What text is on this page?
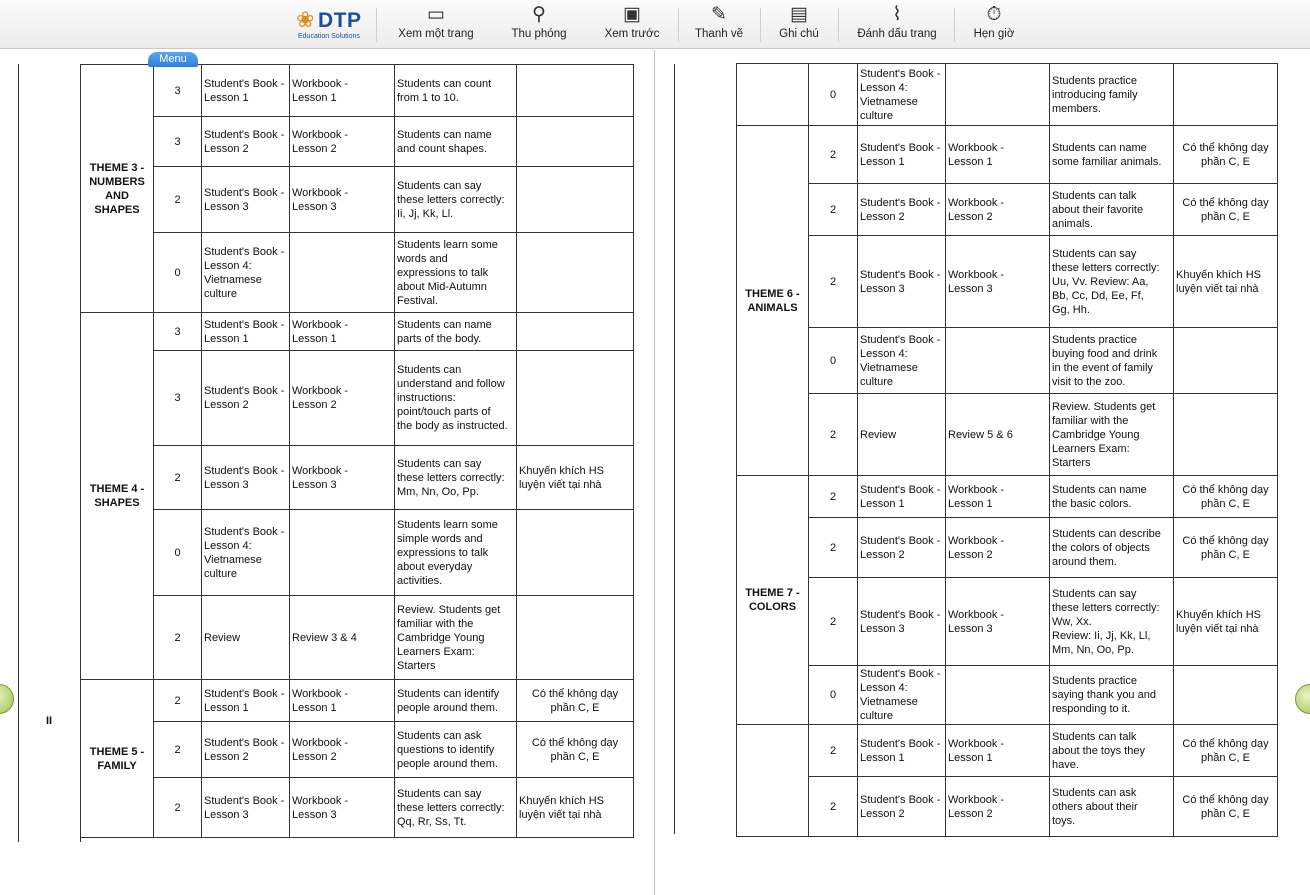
❀ DTP
Education Solutions
▭
Xem một trang
⚲
Thu phóng
▣
Xem trước
✎
Thanh vẽ
▤
Ghi chú
⌇
Đánh dấu trang
⏱
Hẹn giờ
THEME 3 -
NUMBERS
AND
SHAPES	3	Student's Book -
Lesson 1	Workbook -
Lesson 1	Students can count
from 1 to 10.	
	3	Student's Book -
Lesson 2	Workbook -
Lesson 2	Students can name
and count shapes.	
	2	Student's Book -
Lesson 3	Workbook -
Lesson 3	Students can say
these letters correctly:
Ii, Jj, Kk, Ll.	
	0	Student's Book -
Lesson 4:
Vietnamese
culture		Students learn some
words and
expressions to talk
about Mid-Autumn
Festival.	
THEME 4 -
SHAPES	3	Student's Book -
Lesson 1	Workbook -
Lesson 1	Students can name
parts of the body.	
	3	Student's Book -
Lesson 2	Workbook -
Lesson 2	Students can
understand and follow
instructions:
point/touch parts of
the body as instructed.	
	2	Student's Book -
Lesson 3	Workbook -
Lesson 3	Students can say
these letters correctly:
Mm, Nn, Oo, Pp.	Khuyến khích HS
luyện viết tại nhà
	0	Student's Book -
Lesson 4:
Vietnamese
culture		Students learn some
simple words and
expressions to talk
about everyday
activities.	
	2	Review	Review 3 & 4	Review. Students get
familiar with the
Cambridge Young
Learners Exam:
Starters	
THEME 5 -
FAMILY	2	Student's Book -
Lesson 1	Workbook -
Lesson 1	Students can identify
people around them.	Có thể không dạy
phần C, E
	2	Student's Book -
Lesson 2	Workbook -
Lesson 2	Students can ask
questions to identify
people around them.	Có thể không dạy
phần C, E
	2	Student's Book -
Lesson 3	Workbook -
Lesson 3	Students can say
these letters correctly:
Qq, Rr, Ss, Tt.	Khuyến khích HS
luyện viết tại nhà
II
Menu
	0	Student's Book -
Lesson 4:
Vietnamese
culture		Students practice
introducing family
members.	
THEME 6 -
ANIMALS	2	Student's Book -
Lesson 1	Workbook -
Lesson 1	Students can name
some familiar animals.	Có thể không dạy
phần C, E
	2	Student's Book -
Lesson 2	Workbook -
Lesson 2	Students can talk
about their favorite
animals.	Có thể không dạy
phần C, E
	2	Student's Book -
Lesson 3	Workbook -
Lesson 3	Students can say
these letters correctly:
Uu, Vv. Review: Aa,
Bb, Cc, Dd, Ee, Ff,
Gg, Hh.	Khuyến khích HS
luyện viết tại nhà
	0	Student's Book -
Lesson 4:
Vietnamese
culture		Students practice
buying food and drink
in the event of family
visit to the zoo.	
	2	Review	Review 5 & 6	Review. Students get
familiar with the
Cambridge Young
Learners Exam:
Starters	
THEME 7 -
COLORS	2	Student's Book -
Lesson 1	Workbook -
Lesson 1	Students can name
the basic colors.	Có thể không dạy
phần C, E
	2	Student's Book -
Lesson 2	Workbook -
Lesson 2	Students can describe
the colors of objects
around them.	Có thể không dạy
phần C, E
	2	Student's Book -
Lesson 3	Workbook -
Lesson 3	Students can say
these letters correctly:
Ww, Xx.
Review: Ii, Jj, Kk, Ll,
Mm, Nn, Oo, Pp.	Khuyến khích HS
luyện viết tại nhà
	0	Student's Book -
Lesson 4:
Vietnamese
culture		Students practice
saying thank you and
responding to it.	
	2	Student's Book -
Lesson 1	Workbook -
Lesson 1	Students can talk
about the toys they
have.	Có thể không dạy
phần C, E
	2	Student's Book -
Lesson 2	Workbook -
Lesson 2	Students can ask
others about their
toys.	Có thể không dạy
phần C, E
